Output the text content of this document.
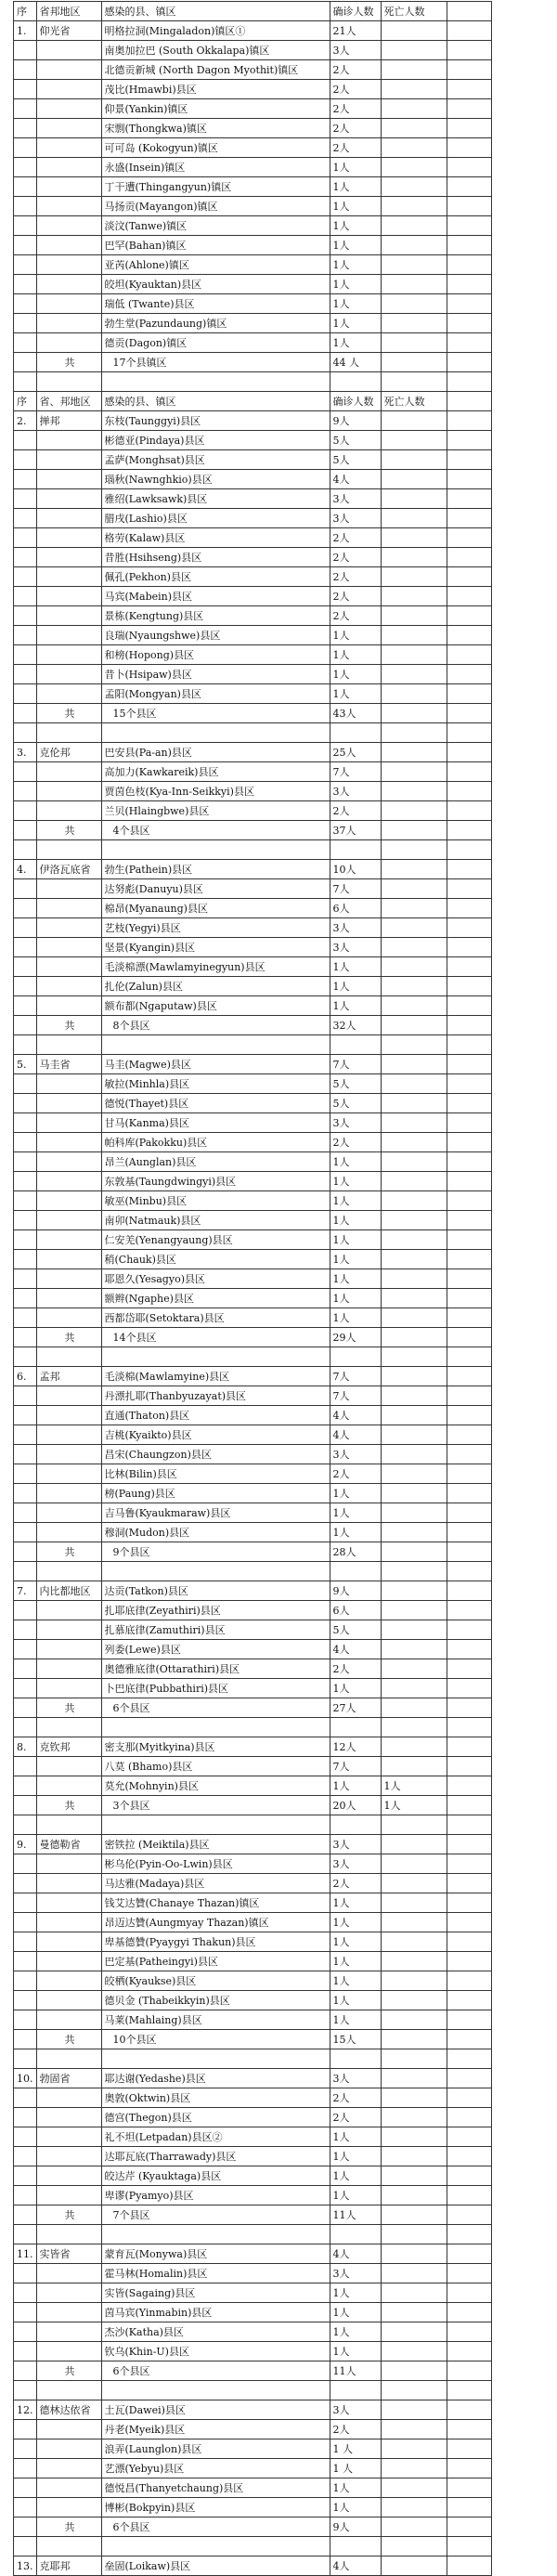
序	省邦地区	感染的县、镇区	确诊人数	死亡人数	
1.	仰光省	明格拉洞(Mingaladon)镇区①	21人		
		南奥加拉巴 (South Okkalapa)镇区	3人		
		北德贡新城 (North Dagon Myothit)镇区	2人		
		茂比(Hmawbi)县区	2人		
		仰景(Yankin)镇区	2人		
		宋剽(Thongkwa)镇区	2人		
		可可岛 (Kokogyun)镇区	2人		
		永盛(Insein)镇区	1人		
		丁干遭(Thingangyun)镇区	1人		
		马扬贡(Mayangon)镇区	1人		
		淡汶(Tanwe)镇区	1人		
		巴罕(Bahan)镇区	1人		
		亚芮(Ahlone)镇区	1人		
		皎坦(Kyauktan)县区	1人		
		瑞低 (Twante)县区	1人		
		勃生堂(Pazundaung)镇区	1人		
		德贡(Dagon)镇区	1人		
	共	17个县镇区	44 人		

序	省、邦地区	感染的县、镇区	确诊人数	死亡人数	
2.	掸邦	东枝(Taunggyi)县区	9人		
		彬德亚(Pindaya)县区	5人		
		孟萨(Monghsat)县区	5人		
		瑙秋(Nawnghkio)县区	4人		
		雅绍(Lawksawk)县区	3人		
		腊戌(Lashio)县区	3人		
		格劳(Kalaw)县区	2人		
		昔胜(Hsihseng)县区	2人		
		佩孔(Pekhon)县区	2人		
		马宾(Mabein)县区	2人		
		景栋(Kengtung)县区	2人		
		良瑞(Nyaungshwe)县区	1人		
		和榜(Hopong)县区	1人		
		昔卜(Hsipaw)县区	1人		
		孟阳(Mongyan)县区	1人		
	共	15个县区	43人		

3.	克伦邦	巴安县(Pa-an)县区	25人		
		高加力(Kawkareik)县区	7人		
		贾茵色枝(Kya-Inn-Seikkyi)县区	3人		
		兰贝(Hlaingbwe)县区	2人		
	共	4个县区	37人		

4.	伊洛瓦底省	勃生(Pathein)县区	10人		
		达努彪(Danuyu)县区	7人		
		棉昂(Myanaung)县区	6人		
		艺枝(Yegyi)县区	3人		
		坚景(Kyangin)县区	3人		
		毛淡棉漂(Mawlamyinegyun)县区	1人		
		扎伦(Zalun)县区	1人		
		额布都(Ngaputaw)县区	1人		
	共	8个县区	32人		

5.	马圭省	马圭(Magwe)县区	7人		
		敏拉(Minhla)县区	5人		
		德悦(Thayet)县区	5人		
		甘马(Kanma)县区	3人		
		帕科库(Pakokku)县区	2人		
		昂兰(Aunglan)县区	1人		
		东敦基(Taungdwingyi)县区	1人		
		敏巫(Minbu)县区	1人		
		南卯(Natmauk)县区	1人		
		仁安羌(Yenangyaung)县区	1人		
		稍(Chauk)县区	1人		
		耶恩久(Yesagyo)县区	1人		
		额辫(Ngaphe)县区	1人		
		西都岱耶(Setoktara)县区	1人		
	共	14个县区	29人		

6.	孟邦	毛淡棉(Mawlamyine)县区	7人		
		丹漂扎耶(Thanbyuzayat)县区	7人		
		直通(Thaton)县区	4人		
		吉桃(Kyaikto)县区	4人		
		昌宋(Chaungzon)县区	3人		
		比林(Bilin)县区	2人		
		榜(Paung)县区	1人		
		吉马鲁(Kyaukmaraw)县区	1人		
		穆洞(Mudon)县区	1人		
	共	9个县区	28人		

7.	内比都地区	达贡(Tatkon)县区	9人		
		扎耶底律(Zeyathiri)县区	6人		
		扎慕底律(Zamuthiri)县区	5人		
		列委(Lewe)县区	4人		
		奥德雅底律(Ottarathiri)县区	2人		
		卜巴底律(Pubbathiri)县区	1人		
	共	6个县区	27人		

8.	克钦邦	密支那(Myitkyina)县区	12人		
		八莫 (Bhamo)县区	7人		
		莫允(Mohnyin)县区	1人	1人	
	共	3个县区	20人	1人	

9.	曼德勒省	密铁拉 (Meiktila)县区	3人		
		彬乌伦(Pyin-Oo-Lwin)县区	3人		
		马达雅(Madaya)县区	2人		
		钱艾达贊(Chanaye Thazan)镇区	1人		
		昂迈达贊(Aungmyay Thazan)镇区	1人		
		卑基德贊(Pyaygyi Thakun)县区	1人		
		巴定基(Patheingyi)县区	1人		
		皎栖(Kyaukse)县区	1人		
		德贝金 (Thabeikkyin)县区	1人		
		马莱(Mahlaing)县区	1人		
	共	10个县区	15人		

10.	勃固省	耶达谢(Yedashe)县区	3人		
		奥敦(Oktwin)县区	2人		
		德宫(Thegon)县区	2人		
		礼不坦(Letpadan)县区②	1人		
		达耶瓦底(Tharrawady)县区	1人		
		皎达芹 (Kyauktaga)县区	1人		
		卑谬(Pyamyo)县区	1人		
	共	7个县区	11人		

11.	实皆省	蒙育瓦(Monywa)县区	4人		
		霍马林(Homalin)县区	3人		
		实皆(Sagaing)县区	1人		
		茵马宾(Yinmabin)县区	1人		
		杰沙(Katha)县区	1人		
		钦乌(Khin-U)县区	1人		
	共	6个县区	11人		

12.	德林达依省	土瓦(Dawei)县区	3人		
		丹老(Myeik)县区	2人		
		浪弄(Launglon)县区	1 人		
		艺漂(Yebyu)县区	1 人		
		德悦昌(Thanyetchaung)县区	1人		
		博彬(Bokpyin)县区	1人		
	共	6个县区	9人		

13.	克耶邦	垒固(Loikaw)县区	4人		
